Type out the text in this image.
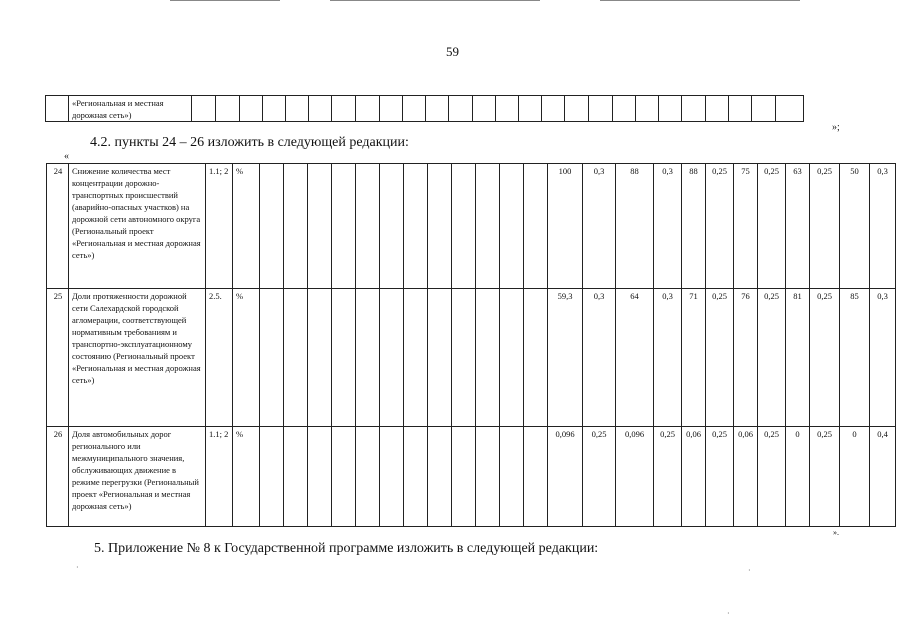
59
	«Региональная и местная дорожная сеть»)																										
»;
4.2. пункты 24 – 26 изложить в следующей редакции:
«
24	Снижение количества мест концентрации дорожно-транспортных происшествий (аварийно-опасных участков) на дорожной сети автономного округа (Региональный проект «Региональная и местная дорожная сеть»)	1.1; 2	%													100	0,3	88	0,3	88	0,25	75	0,25	63	0,25	50	0,3
25	Доли протяженности дорожной сети Салехардской городской агломерации, соответствующей нормативным требованиям и транспортно-эксплуатационному состоянию (Региональный проект «Региональная и местная дорожная сеть»)	2.5.	%													59,3	0,3	64	0,3	71	0,25	76	0,25	81	0,25	85	0,3
26	Доля автомобильных дорог регионального или межмуниципального значения, обслуживающих движение в режиме перегрузки (Региональный проект «Региональная и местная дорожная сеть»)	1.1; 2	%													0,096	0,25	0,096	0,25	0,06	0,25	0,06	0,25	0	0,25	0	0,4
».
5. Приложение № 8 к Государственной программе изложить в следующей редакции:
·	·
·
